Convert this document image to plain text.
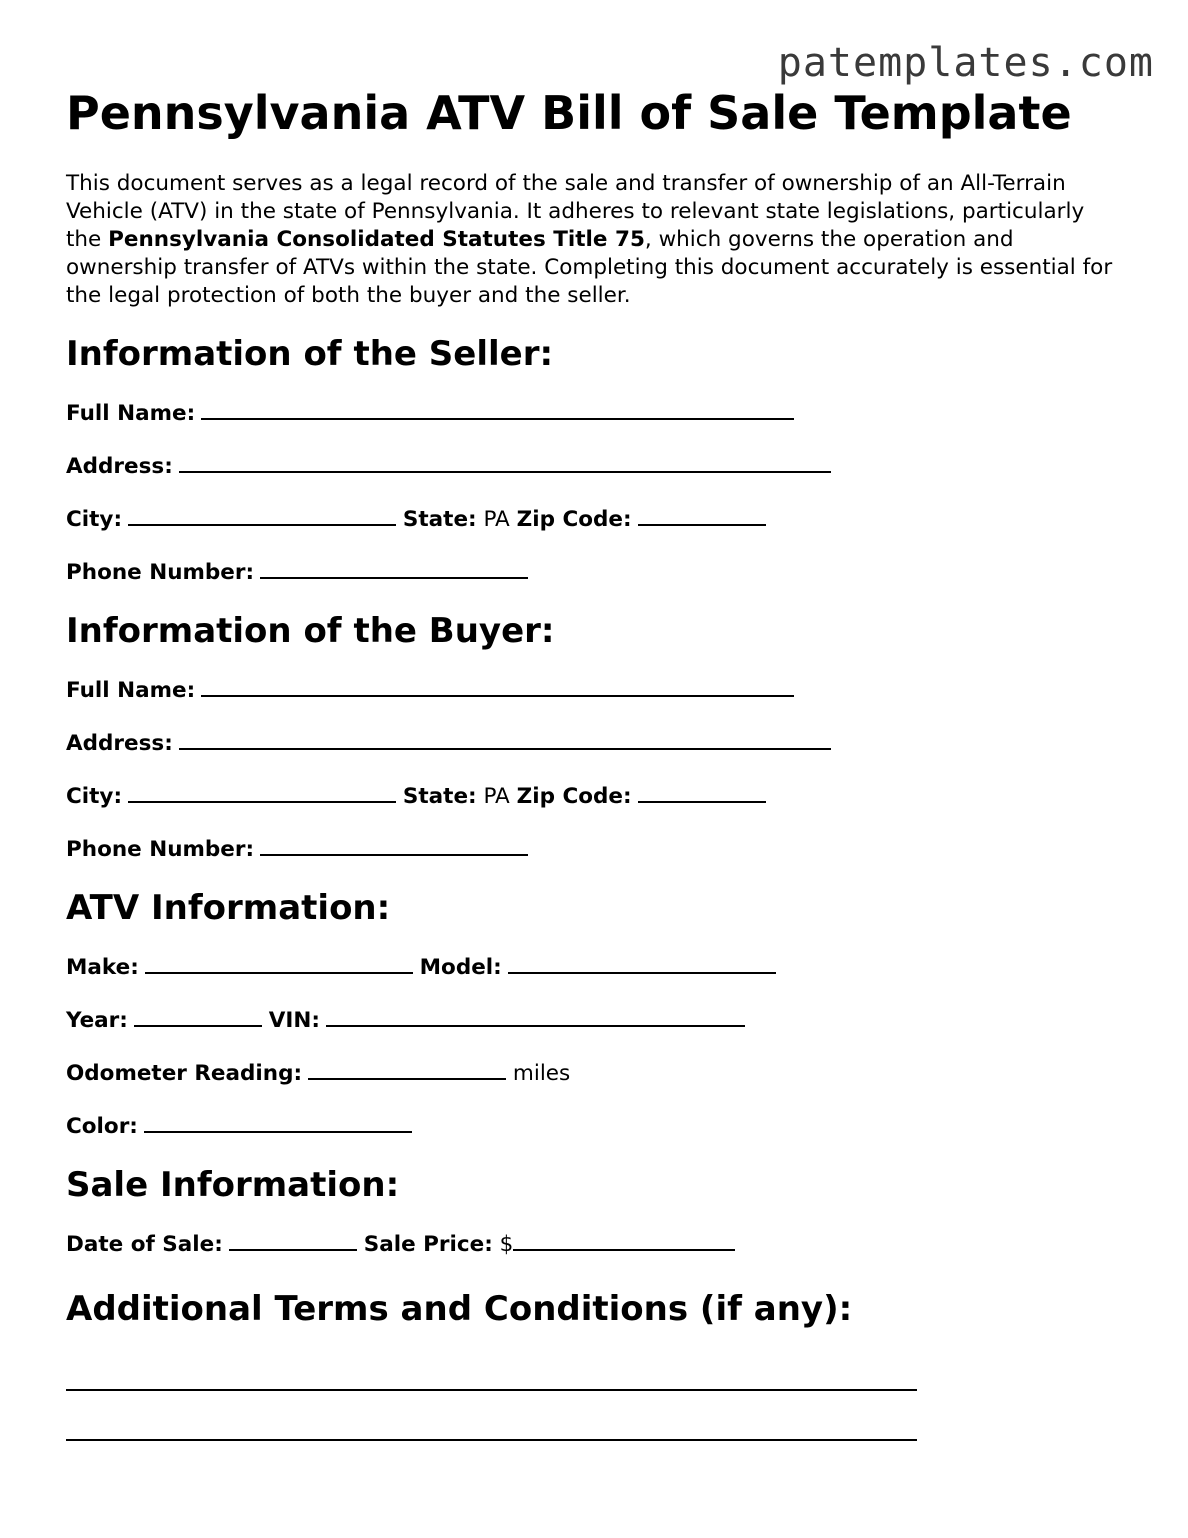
patemplates.com
Pennsylvania ATV Bill of Sale Template

This document serves as a legal record of the sale and transfer of ownership of an All-Terrain Vehicle (ATV) in the state of Pennsylvania. It adheres to relevant state legislations, particularly the Pennsylvania Consolidated Statutes Title 75, which governs the operation and ownership transfer of ATVs within the state. Completing this document accurately is essential for the legal protection of both the buyer and the seller.

Information of the Seller:
Full Name:
Address:
City:	State: PA Zip Code:
Phone Number:
Information of the Buyer:
Full Name:
Address:
City:	State: PA Zip Code:
Phone Number:
ATV Information:
Make:	Model:
Year:	VIN:
Odometer Reading:	miles
Color:
Sale Information:
Date of Sale:	Sale Price: $
Additional Terms and Conditions (if any):
